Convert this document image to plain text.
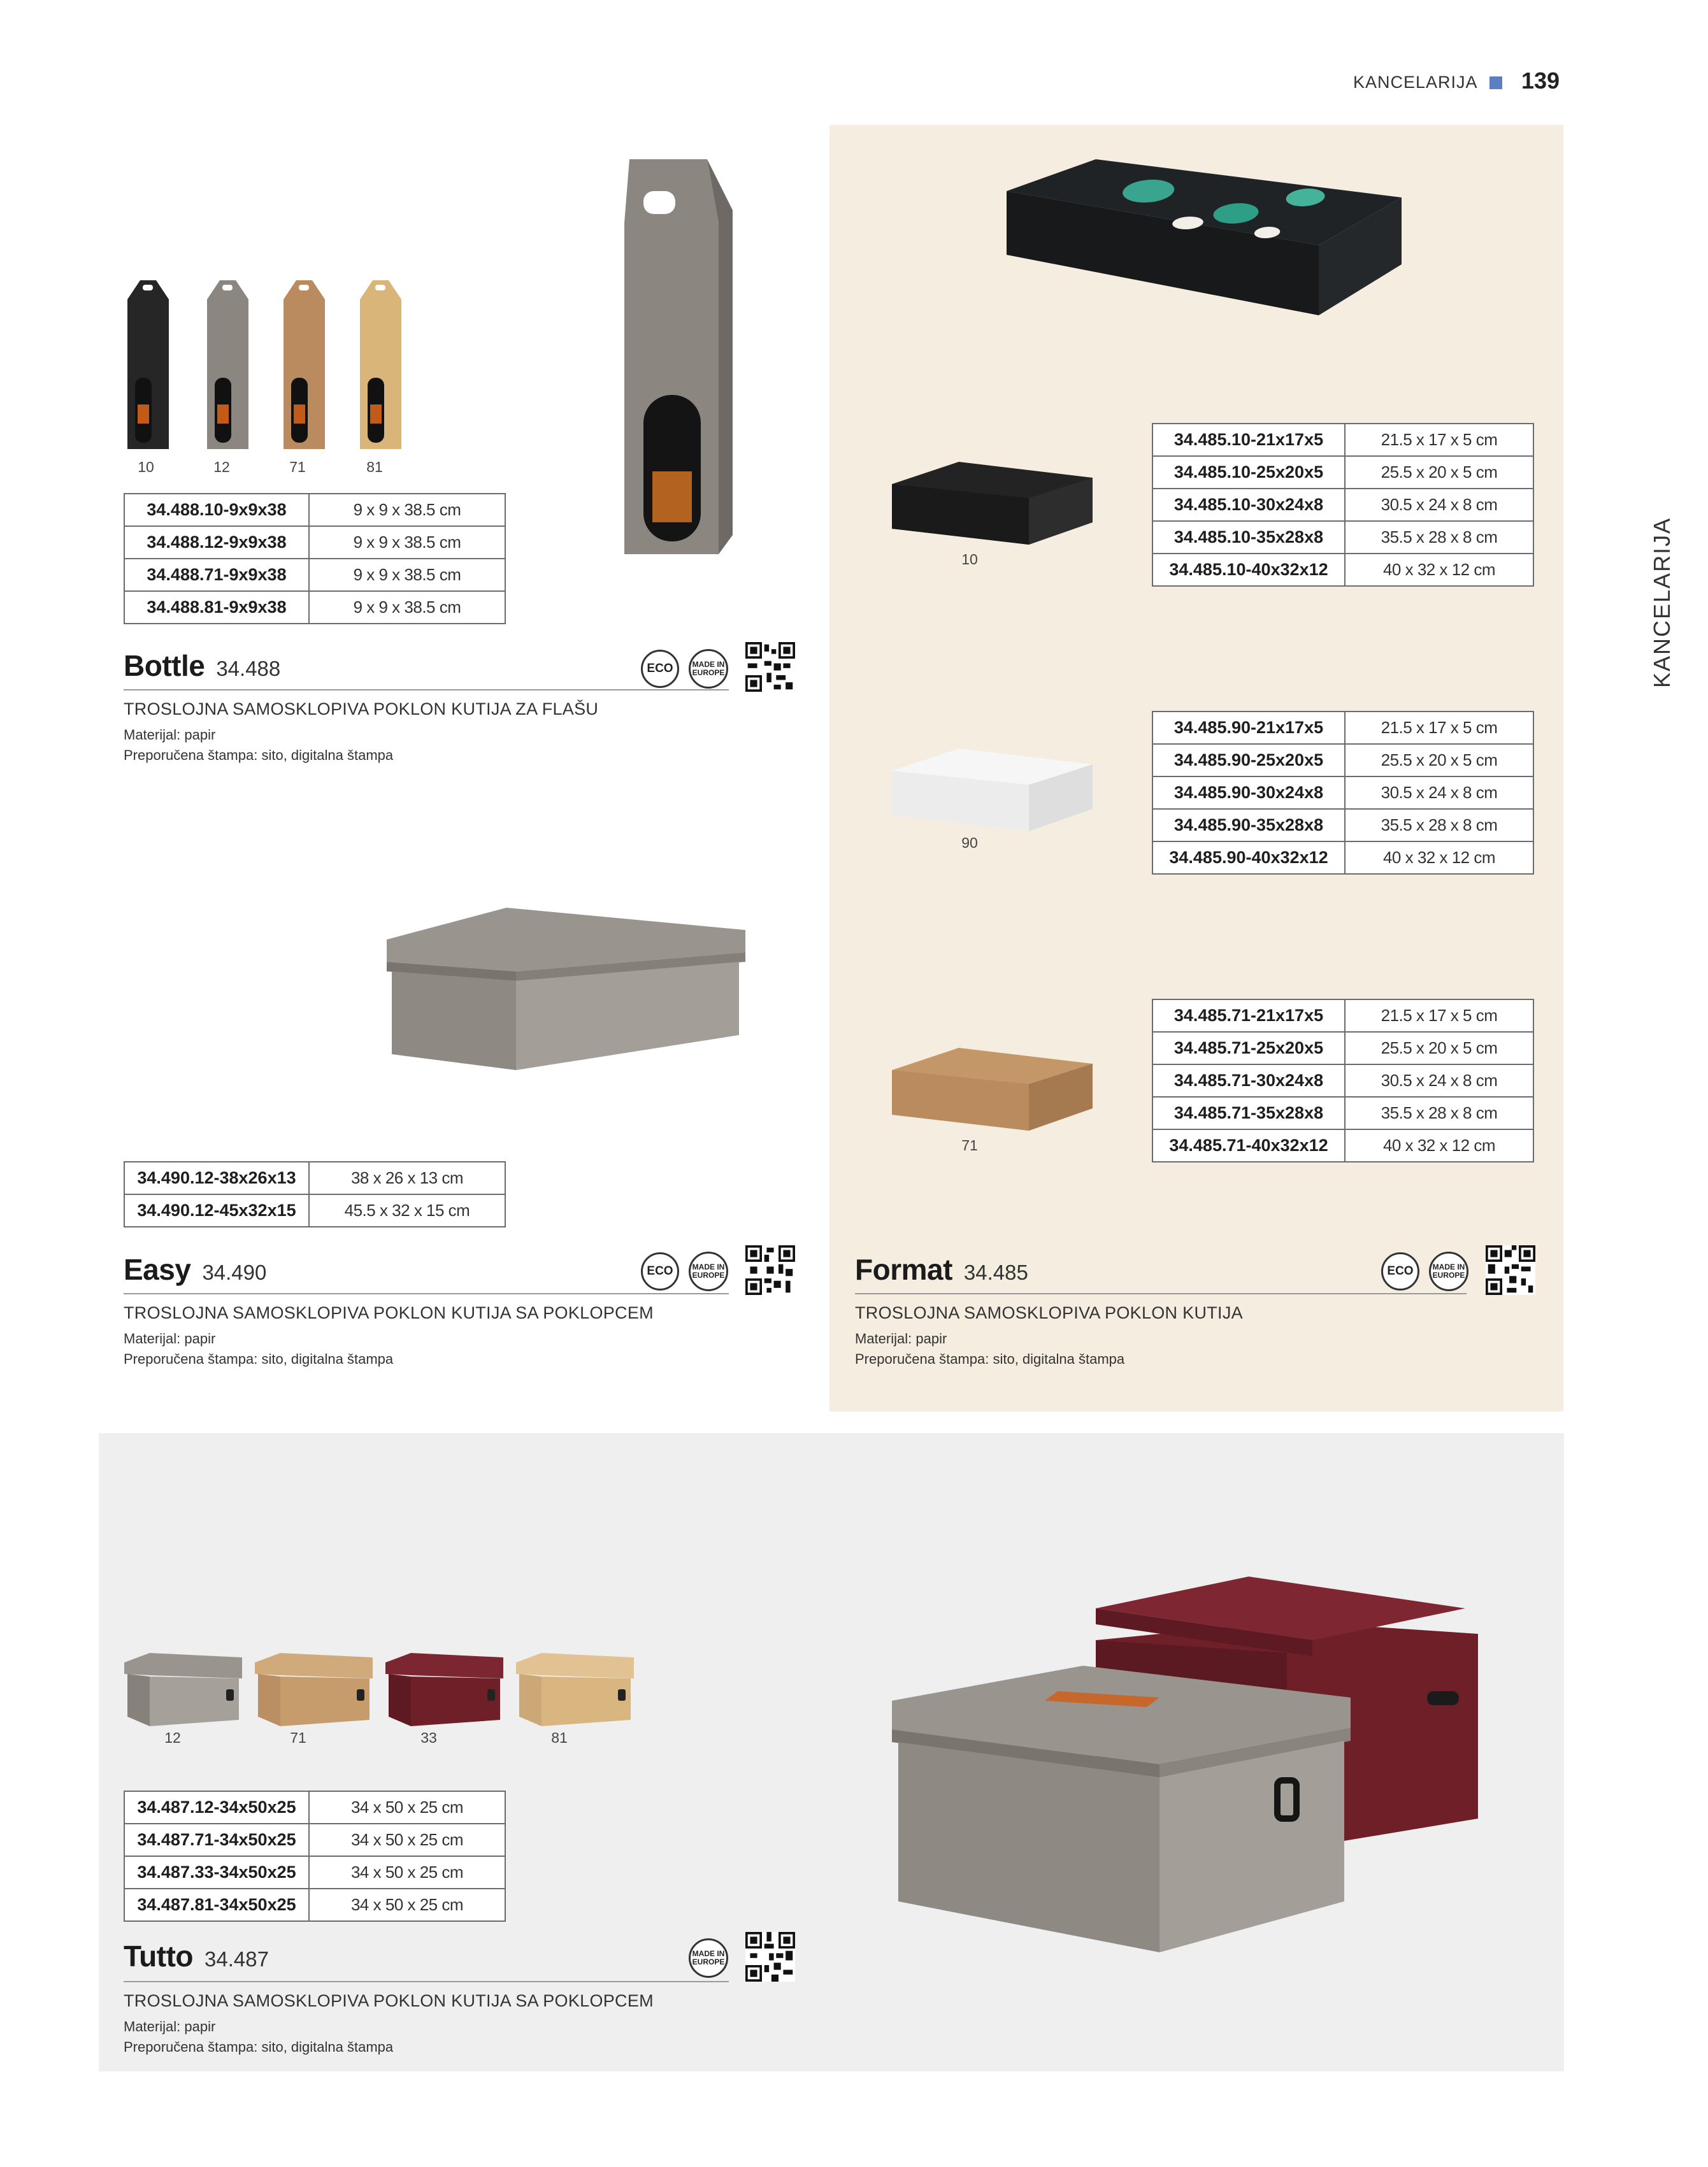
KANCELARIJA 139
KANCELARIJA
10	12	71	81
34.488.10-9x9x38	9 x 9 x 38.5 cm
34.488.12-9x9x38	9 x 9 x 38.5 cm
34.488.71-9x9x38	9 x 9 x 38.5 cm
34.488.81-9x9x38	9 x 9 x 38.5 cm
Bottle 34.488	ECO	MADE IN
EUROPE
TROSLOJNA SAMOSKLOPIVA POKLON KUTIJA ZA FLAŠU
Materijal: papir
Preporučena štampa: sito, digitalna štampa
34.490.12-38x26x13	38 x 26 x 13 cm
34.490.12-45x32x15	45.5 x 32 x 15 cm
Easy 34.490	ECO	MADE IN
EUROPE
TROSLOJNA SAMOSKLOPIVA POKLON KUTIJA SA POKLOPCEM
Materijal: papir
Preporučena štampa: sito, digitalna štampa
10
90
71
34.485.10-21x17x5	21.5 x 17 x 5 cm
34.485.10-25x20x5	25.5 x 20 x 5 cm
34.485.10-30x24x8	30.5 x 24 x 8 cm
34.485.10-35x28x8	35.5 x 28 x 8 cm
34.485.10-40x32x12	40 x 32 x 12 cm
34.485.90-21x17x5	21.5 x 17 x 5 cm
34.485.90-25x20x5	25.5 x 20 x 5 cm
34.485.90-30x24x8	30.5 x 24 x 8 cm
34.485.90-35x28x8	35.5 x 28 x 8 cm
34.485.90-40x32x12	40 x 32 x 12 cm
34.485.71-21x17x5	21.5 x 17 x 5 cm
34.485.71-25x20x5	25.5 x 20 x 5 cm
34.485.71-30x24x8	30.5 x 24 x 8 cm
34.485.71-35x28x8	35.5 x 28 x 8 cm
34.485.71-40x32x12	40 x 32 x 12 cm
Format 34.485	ECO	MADE IN
EUROPE
TROSLOJNA SAMOSKLOPIVA POKLON KUTIJA
Materijal: papir
Preporučena štampa: sito, digitalna štampa
12	71	33	81
34.487.12-34x50x25	34 x 50 x 25 cm
34.487.71-34x50x25	34 x 50 x 25 cm
34.487.33-34x50x25	34 x 50 x 25 cm
34.487.81-34x50x25	34 x 50 x 25 cm
Tutto 34.487	MADE IN
EUROPE
TROSLOJNA SAMOSKLOPIVA POKLON KUTIJA SA POKLOPCEM
Materijal: papir
Preporučena štampa: sito, digitalna štampa
